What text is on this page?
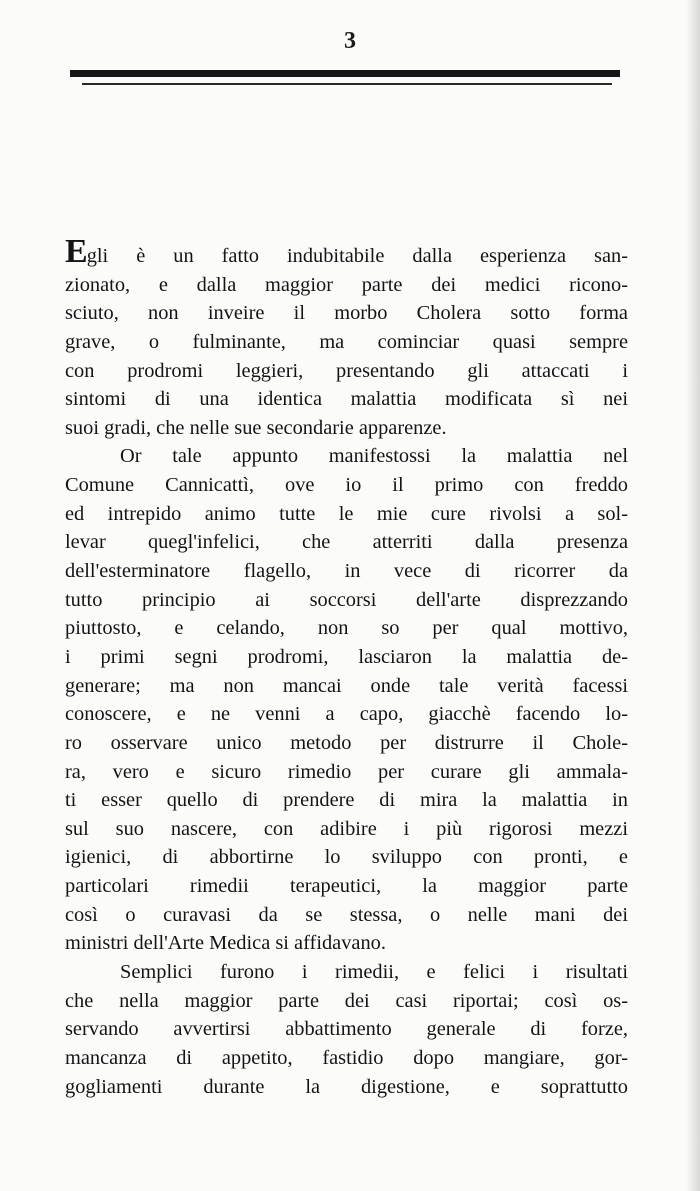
3
Egli è un fatto indubitabile dalla esperienza san-
zionato, e dalla maggior parte dei medici ricono-
sciuto, non inveire il morbo Cholera sotto forma
grave, o fulminante, ma cominciar quasi sempre
con prodromi leggieri, presentando gli attaccati i
sintomi di una identica malattia modificata sì nei
suoi gradi, che nelle sue secondarie apparenze.
Or tale appunto manifestossi la malattia nel
Comune Cannicattì, ove io il primo con freddo
ed intrepido animo tutte le mie cure rivolsi a sol-
levar quegl'infelici, che atterriti dalla presenza
dell'esterminatore flagello, in vece di ricorrer da
tutto principio ai soccorsi dell'arte disprezzando
piuttosto, e celando, non so per qual mottivo,
i primi segni prodromi, lasciaron la malattia de-
generare; ma non mancai onde tale verità facessi
conoscere, e ne venni a capo, giacchè facendo lo-
ro osservare unico metodo per distrurre il Chole-
ra, vero e sicuro rimedio per curare gli ammala-
ti esser quello di prendere di mira la malattia in
sul suo nascere, con adibire i più rigorosi mezzi
igienici, di abbortirne lo sviluppo con pronti, e
particolari rimedii terapeutici, la maggior parte
così o curavasi da se stessa, o nelle mani dei
ministri dell'Arte Medica si affidavano.
Semplici furono i rimedii, e felici i risultati
che nella maggior parte dei casi riportai; così os-
servando avvertirsi abbattimento generale di forze,
mancanza di appetito, fastidio dopo mangiare, gor-
gogliamenti durante la digestione, e soprattutto
